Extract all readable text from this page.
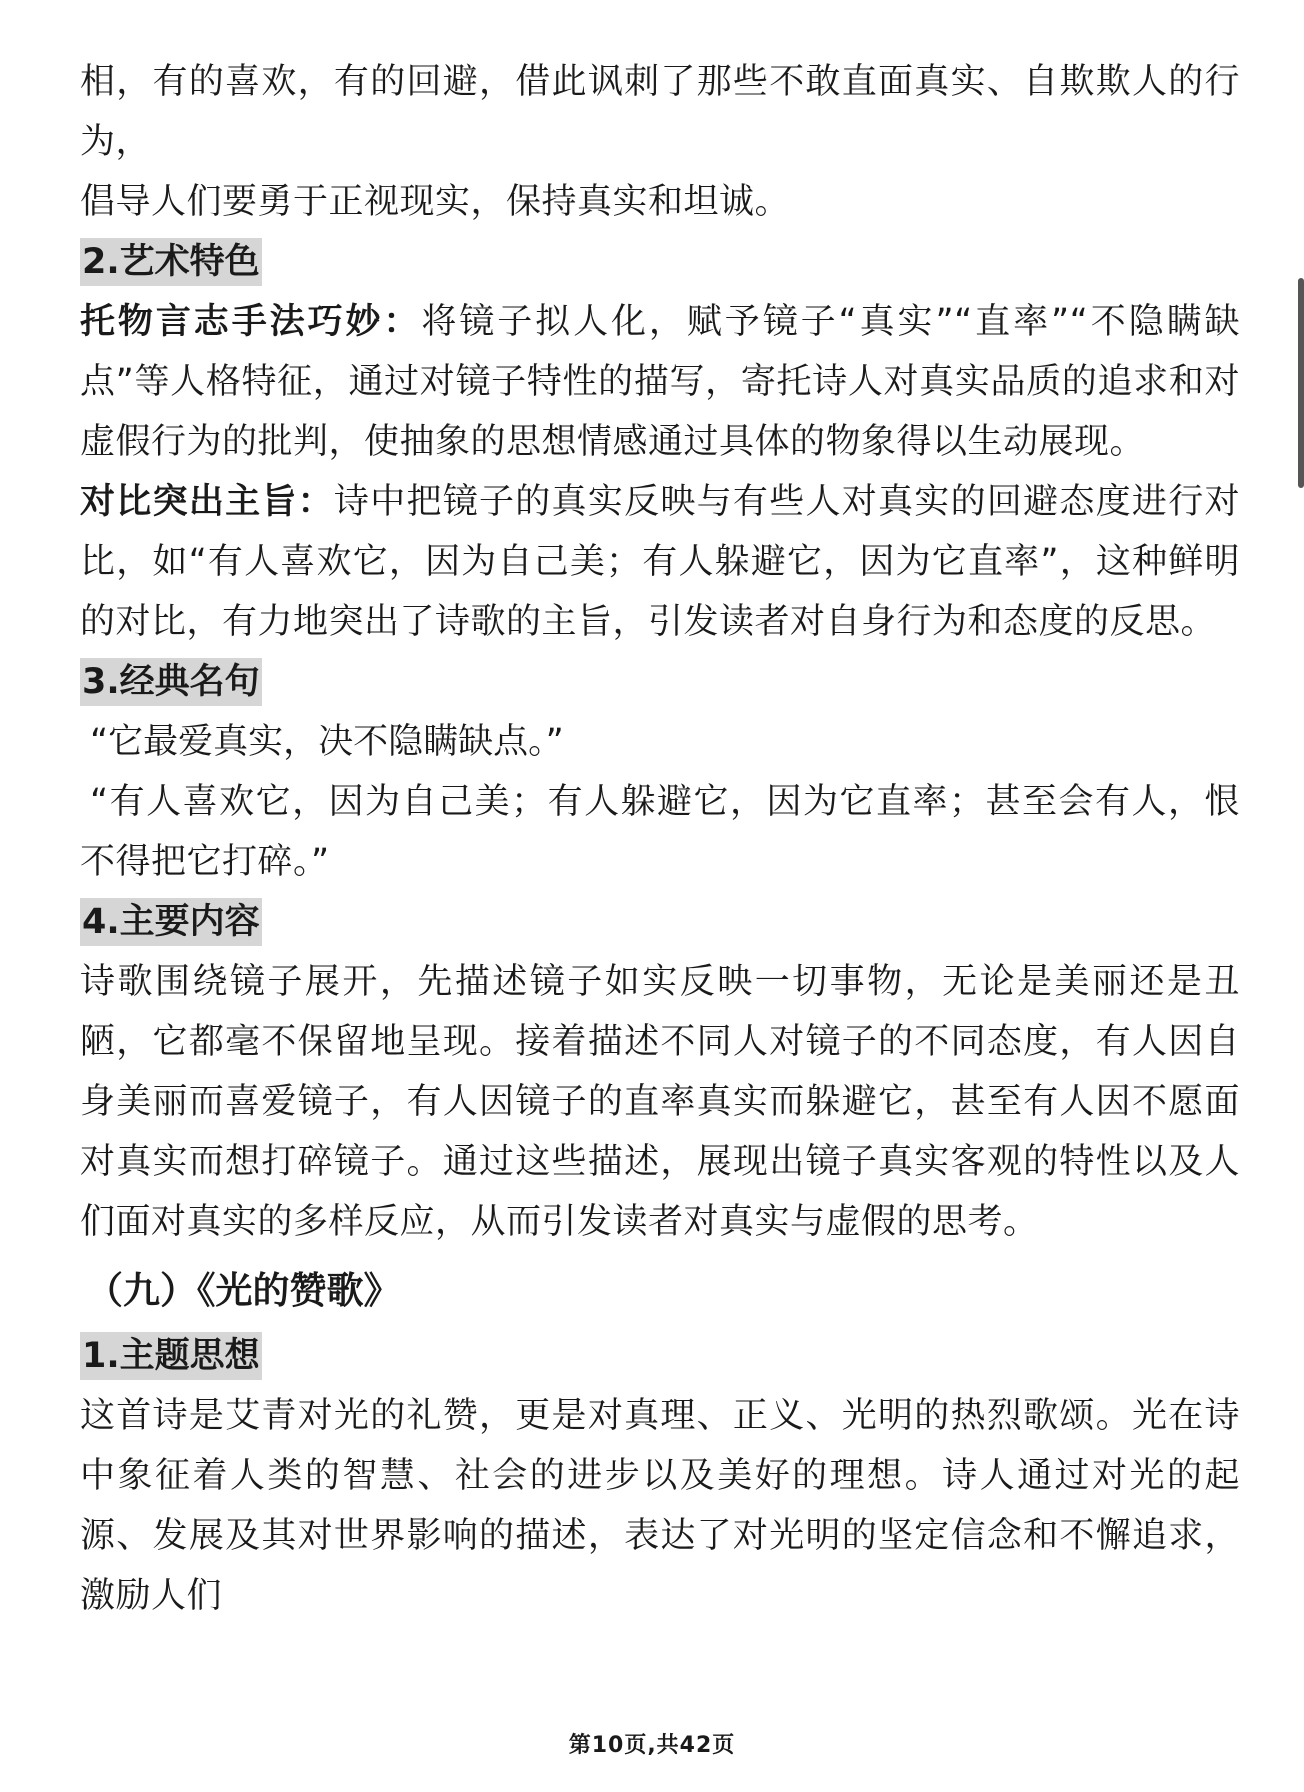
相，有的喜欢，有的回避，借此讽刺了那些不敢直面真实、自欺欺人的行为，

倡导人们要勇于正视现实，保持真实和坦诚。

2.艺术特色

托物言志手法巧妙：将镜子拟人化，赋予镜子“真实”“直率”“不隐瞒缺点”等人格特征，通过对镜子特性的描写，寄托诗人对真实品质的追求和对虚假行为的批判，使抽象的思想情感通过具体的物象得以生动展现。

对比突出主旨：诗中把镜子的真实反映与有些人对真实的回避态度进行对比，如“有人喜欢它，因为自己美；有人躲避它，因为它直率”，这种鲜明的对比，有力地突出了诗歌的主旨，引发读者对自身行为和态度的反思。

3.经典名句

“它最爱真实，决不隐瞒缺点。”

“有人喜欢它，因为自己美；有人躲避它，因为它直率；甚至会有人，恨不得把它打碎。”

4.主要内容

诗歌围绕镜子展开，先描述镜子如实反映一切事物，无论是美丽还是丑陋，它都毫不保留地呈现。接着描述不同人对镜子的不同态度，有人因自身美丽而喜爱镜子，有人因镜子的直率真实而躲避它，甚至有人因不愿面对真实而想打碎镜子。通过这些描述，展现出镜子真实客观的特性以及人们面对真实的多样反应，从而引发读者对真实与虚假的思考。

（九）《光的赞歌》
1.主题思想

这首诗是艾青对光的礼赞，更是对真理、正义、光明的热烈歌颂。光在诗中象征着人类的智慧、社会的进步以及美好的理想。诗人通过对光的起源、发展及其对世界影响的描述，表达了对光明的坚定信念和不懈追求，激励人们

第10页,共42页
